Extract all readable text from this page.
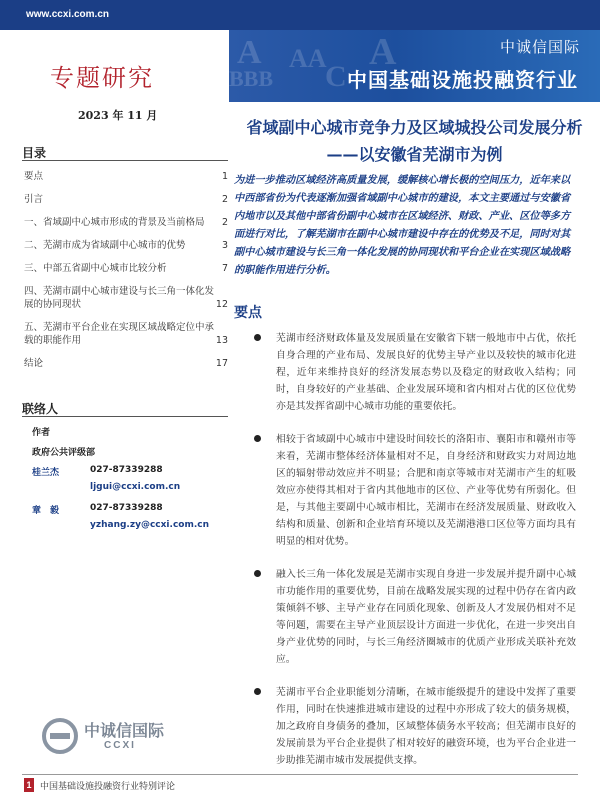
www.ccxi.com.cn
A AA
BBB C
A	中诚信国际
中国基础设施投融资行业
专题研究
2023 年 11 月
省域副中心城市竞争力及区域城投公司发展分析
——以安徽省芜湖市为例
目录
要点	1
引言	2
一、省域副中心城市形成的背景及当前格局 2
二、芜湖市成为省域副中心城市的优势	3
三、中部五省副中心城市比较分析	7
四、芜湖市副中心城市建设与长三角一体化发展的协同现状	12
五、芜湖市平台企业在实现区域战略定位中承载的职能作用	13
结论	17
联络人
作者
政府公共评级部
桂兰杰	027-87339288
ljgui@ccxi.com.cn
章　毅	027-87339288
yzhang.zy@ccxi.com.cn
中诚信国际
CCXI
为进一步推动区域经济高质量发展，缓解核心增长极的空间压力，近年来以中西部省份为代表逐渐加强省域副中心城市的建设，本文主要通过与安徽省内地市以及其他中部省份副中心城市在区域经济、财政、产业、区位等多方面进行对比，了解芜湖市在副中心城市建设中存在的优势及不足，同时对其副中心城市建设与长三角一体化发展的协同现状和平台企业在实现区域战略的职能作用进行分析。
要点
芜湖市经济财政体量及发展质量在安徽省下辖一般地市中占优，依托自身合理的产业布局、发展良好的优势主导产业以及较快的城市化进程，近年来维持良好的经济发展态势以及稳定的财政收入结构；同时，自身较好的产业基础、企业发展环境和省内相对占优的区位优势亦是其发挥省副中心城市功能的重要依托。
相较于省域副中心城市中建设时间较长的洛阳市、襄阳市和赣州市等来看，芜湖市整体经济体量相对不足，自身经济和财政实力对周边地区的辐射带动效应并不明显；合肥和南京等城市对芜湖市产生的虹吸效应亦使得其相对于省内其他地市的区位、产业等优势有所弱化。但是，与其他主要副中心城市相比，芜湖市在经济发展质量、财政收入结构和质量、创新和企业培育环境以及芜湖港港口区位等方面均具有明显的相对优势。
融入长三角一体化发展是芜湖市实现自身进一步发展并提升副中心城市功能作用的重要优势，目前在战略发展实现的过程中仍存在省内政策倾斜不够、主导产业存在同质化现象、创新及人才发展仍相对不足等问题，需要在主导产业顶层设计方面进一步优化，在进一步突出自身产业优势的同时，与长三角经济圈城市的优质产业形成关联补充效应。
芜湖市平台企业职能划分清晰，在城市能级提升的建设中发挥了重要作用，同时在快速推进城市建设的过程中亦形成了较大的债务规模，加之政府自身债务的叠加，区域整体债务水平较高；但芜湖市良好的发展前景为平台企业提供了相对较好的融资环境，也为平台企业进一步助推芜湖市城市发展提供支撑。
1 中国基础设施投融资行业特别评论
